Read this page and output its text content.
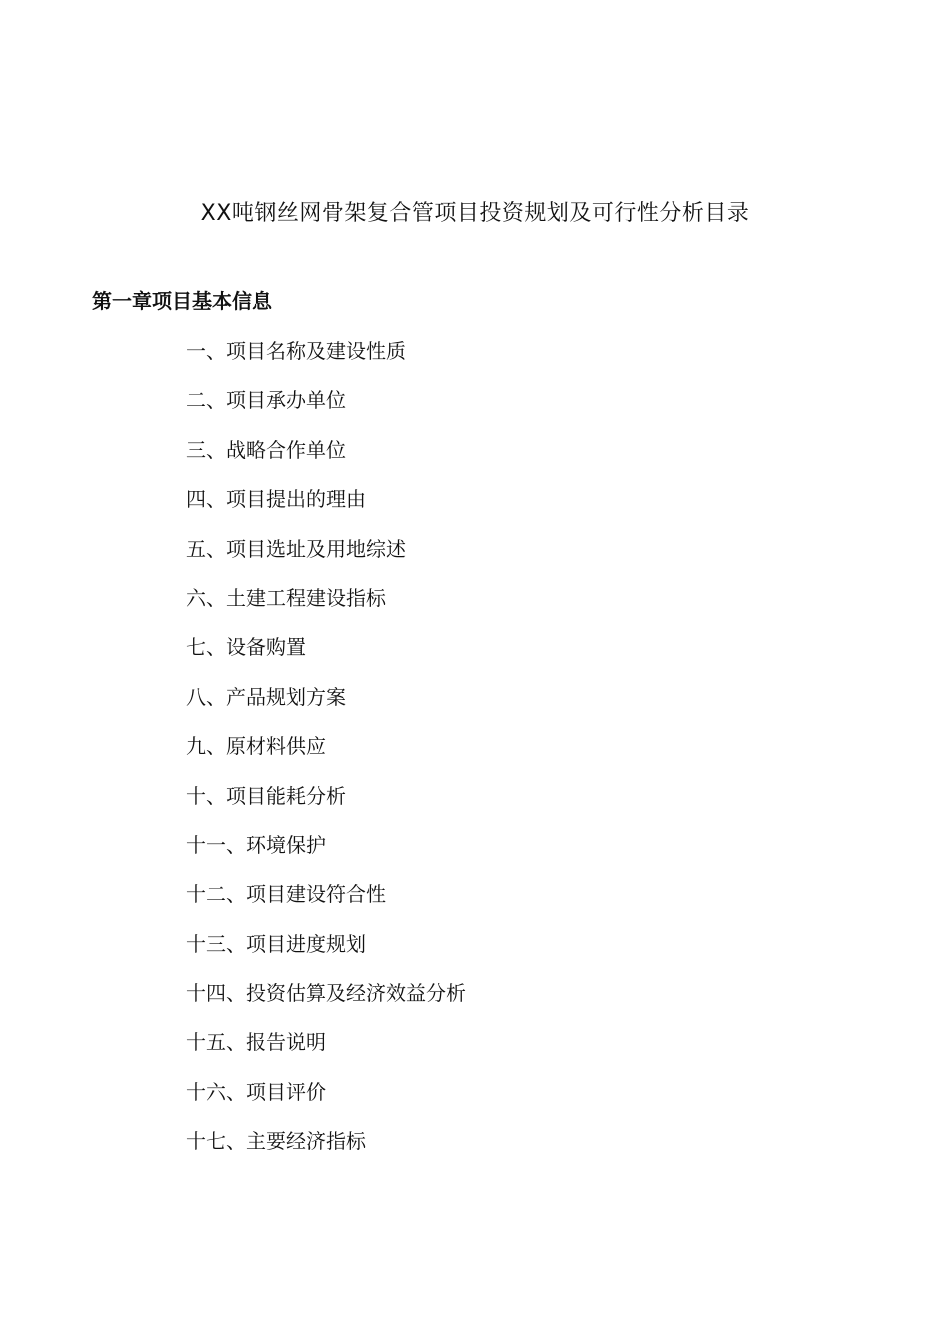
XX吨钢丝网骨架复合管项目投资规划及可行性分析目录
第一章项目基本信息
一、项目名称及建设性质
二、项目承办单位
三、战略合作单位
四、项目提出的理由
五、项目选址及用地综述
六、土建工程建设指标
七、设备购置
八、产品规划方案
九、原材料供应
十、项目能耗分析
十一、环境保护
十二、项目建设符合性
十三、项目进度规划
十四、投资估算及经济效益分析
十五、报告说明
十六、项目评价
十七、主要经济指标
